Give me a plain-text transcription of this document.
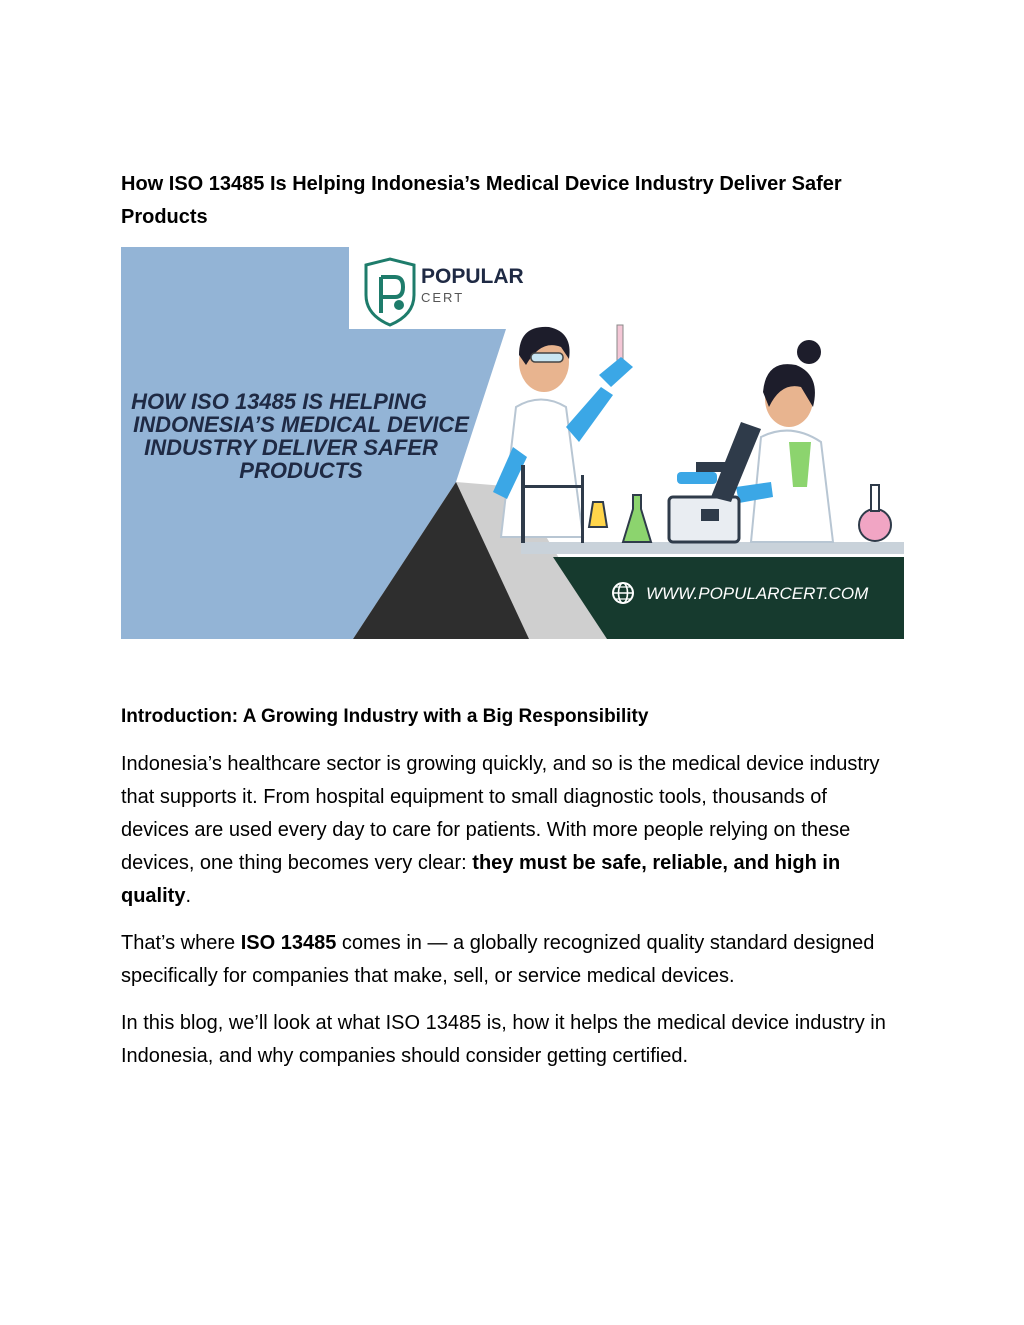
How ISO 13485 Is Helping Indonesia’s Medical Device Industry Deliver Safer Products
POPULAR
CERT
HOW ISO 13485 IS HELPING
INDONESIA’S MEDICAL DEVICE
INDUSTRY DELIVER SAFER
PRODUCTS
WWW.POPULARCERT.COM
Introduction: A Growing Industry with a Big Responsibility

Indonesia’s healthcare sector is growing quickly, and so is the medical device industry that supports it. From hospital equipment to small diagnostic tools, thousands of devices are used every day to care for patients. With more people relying on these devices, one thing becomes very clear: they must be safe, reliable, and high in quality.

That’s where ISO 13485 comes in — a globally recognized quality standard designed specifically for companies that make, sell, or service medical devices.

In this blog, we’ll look at what ISO 13485 is, how it helps the medical device industry in Indonesia, and why companies should consider getting certified.
